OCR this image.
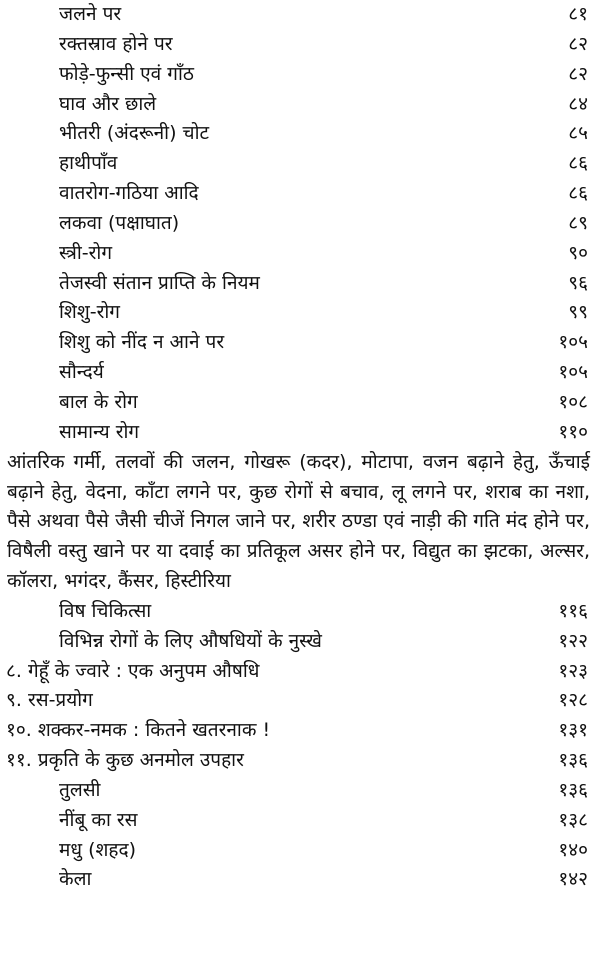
जलने पर	८१
रक्तस्राव होने पर	८२
फोड़े-फुन्सी एवं गाँठ	८२
घाव और छाले	८४
भीतरी (अंदरूनी) चोट	८५
हाथीपाँव	८६
वातरोग-गठिया आदि	८६
लकवा (पक्षाघात)	८९
स्त्री-रोग	९०
तेजस्वी संतान प्राप्ति के नियम	९६
शिशु-रोग	९९
शिशु को नींद न आने पर	१०५
सौन्दर्य	१०५
बाल के रोग	१०८
सामान्य रोग	११०

आंतरिक गर्मी, तलवों की जलन, गोखरू (कदर), मोटापा, वजन बढ़ाने हेतु, ऊँचाई बढ़ाने हेतु, वेदना, काँटा लगने पर, कुछ रोगों से बचाव, लू लगने पर, शराब का नशा, पैसे अथवा पैसे जैसी चीजें निगल जाने पर, शरीर ठण्डा एवं नाड़ी की गति मंद होने पर, विषैली वस्तु खाने पर या दवाई का प्रतिकूल असर होने पर, विद्युत का झटका, अल्सर, कॉलरा, भगंदर, कैंसर, हिस्टीरिया

विष चिकित्सा	११६
विभिन्न रोगों के लिए औषधियों के नुस्खे	१२२
८. गेहूँ के ज्वारे : एक अनुपम औषधि	१२३
९. रस-प्रयोग	१२८
१०. शक्कर-नमक : कितने खतरनाक !	१३१
११. प्रकृति के कुछ अनमोल उपहार	१३६
तुलसी	१३६
नींबू का रस	१३८
मधु (शहद)	१४०
केला	१४२
